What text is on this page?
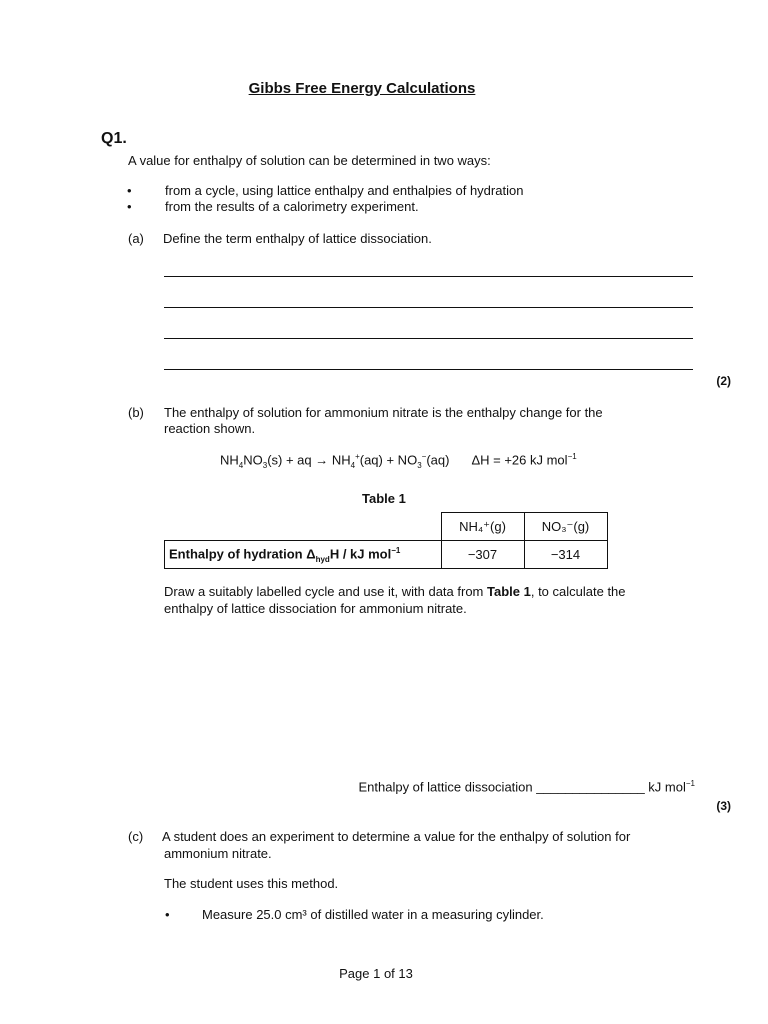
Gibbs Free Energy Calculations
Q1.
A value for enthalpy of solution can be determined in two ways:
•	from a cycle, using lattice enthalpy and enthalpies of hydration
•	from the results of a calorimetry experiment.
(a) Define the term enthalpy of lattice dissociation.
(2)
(b) The enthalpy of solution for ammonium nitrate is the enthalpy change for the
reaction shown.
$NH_4NO_3(s)$ + aq → $NH_4^+(aq) + NO_3^-(aq) \Delta H = +26$ kJ mol$^{-1}$
Table 1
	NH₄⁺(g)	NO₃⁻(g)
Enthalpy of hydration $\Delta_{hyd}H$ / kJ mol$^{-1}$	−307	−314
Draw a suitably labelled cycle and use it, with data from Table 1, to calculate the
enthalpy of lattice dissociation for ammonium nitrate.
Enthalpy of lattice dissociation _______________ kJ mol$^{-1}$
(3)
(c) A student does an experiment to determine a value for the enthalpy of solution for
ammonium nitrate.
The student uses this method.
• Measure 25.0 cm³ of distilled water in a measuring cylinder.
Page 1 of 13
